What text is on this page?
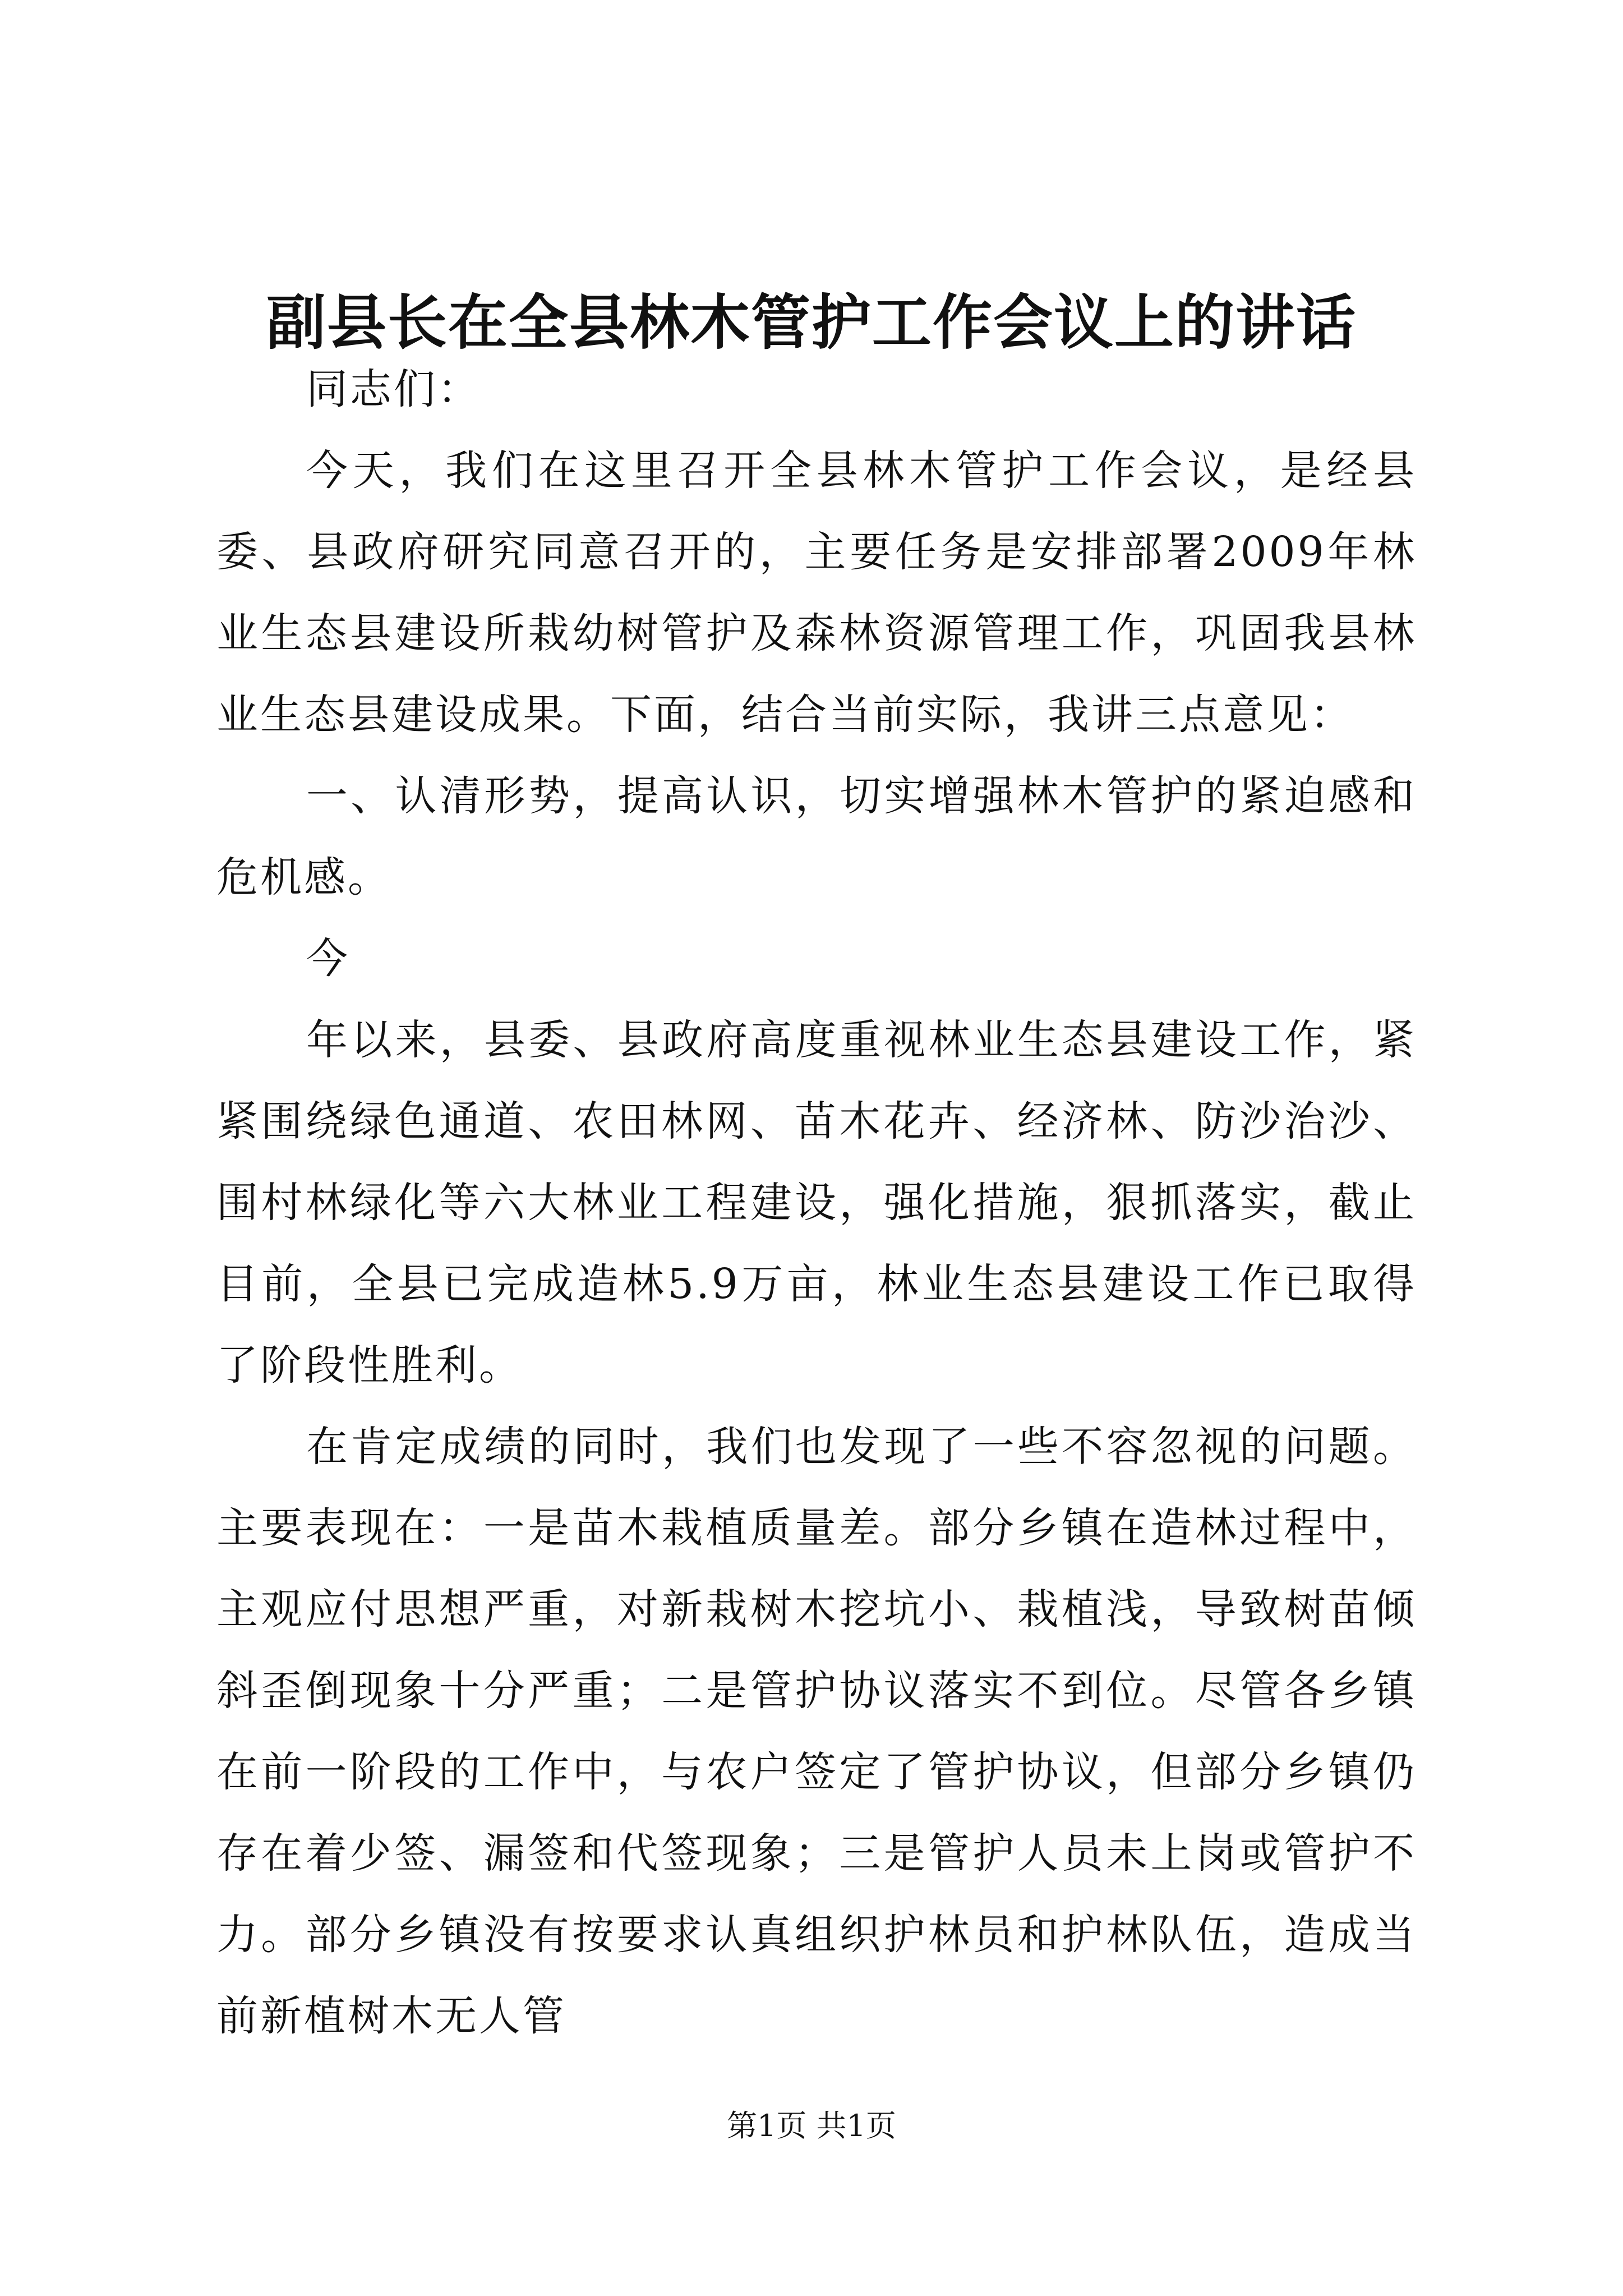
副县长在全县林木管护工作会议上的讲话

同志们：

今天，我们在这里召开全县林木管护工作会议，是经县委、县政府研究同意召开的，主要任务是安排部署2009年林业生态县建设所栽幼树管护及森林资源管理工作，巩固我县林业生态县建设成果。下面，结合当前实际，我讲三点意见：

一、认清形势，提高认识，切实增强林木管护的紧迫感和危机感。

今

年以来，县委、县政府高度重视林业生态县建设工作，紧紧围绕绿色通道、农田林网、苗木花卉、经济林、防沙治沙、围村林绿化等六大林业工程建设，强化措施，狠抓落实，截止目前，全县已完成造林5.9万亩，林业生态县建设工作已取得了阶段性胜利。

在肯定成绩的同时，我们也发现了一些不容忽视的问题。主要表现在：一是苗木栽植质量差。部分乡镇在造林过程中，主观应付思想严重，对新栽树木挖坑小、栽植浅，导致树苗倾斜歪倒现象十分严重；二是管护协议落实不到位。尽管各乡镇在前一阶段的工作中，与农户签定了管护协议，但部分乡镇仍存在着少签、漏签和代签现象；三是管护人员未上岗或管护不力。部分乡镇没有按要求认真组织护林员和护林队伍，造成当前新植树木无人管

第1页 共1页
